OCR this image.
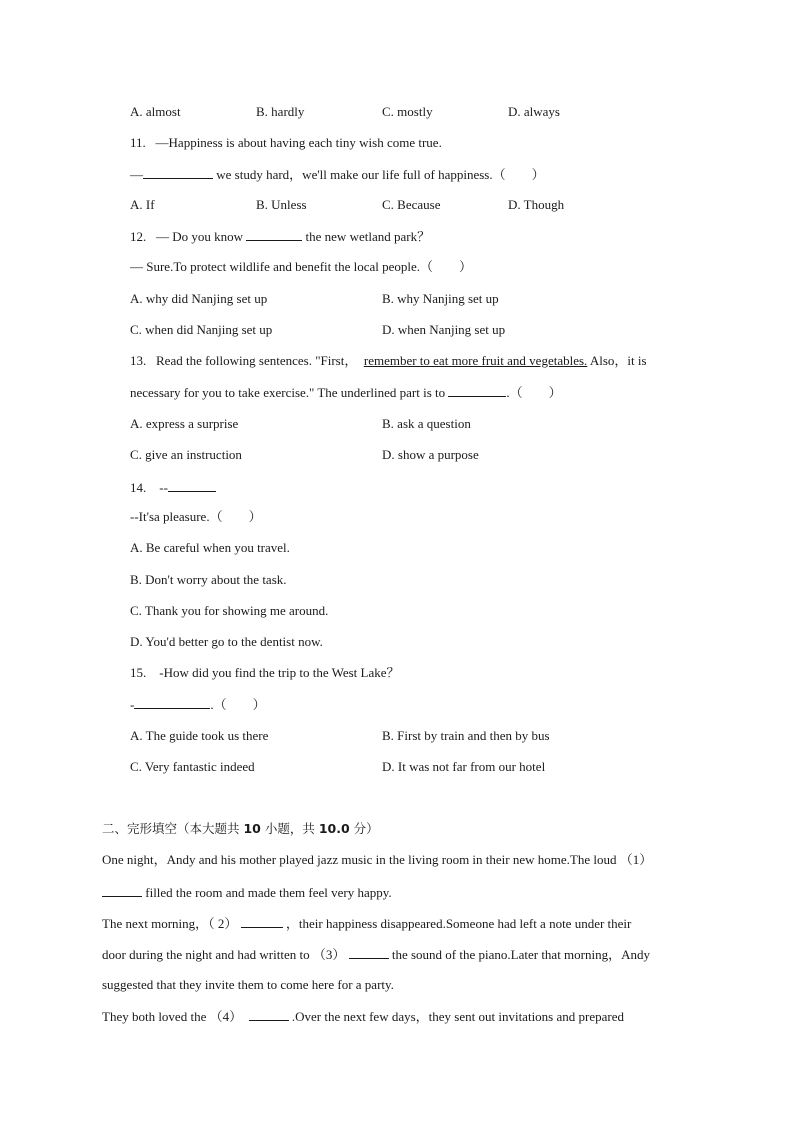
A. almost	B. hardly	C. mostly	D. always
11. —Happiness is about having each tiny wish come true.
—	we study hard，we'll make our life full of happiness.（　　）
A. If	B. Unless	C. Because	D. Though
12. — Do you know	the new wetland park？
— Sure.To protect wildlife and benefit the local people.（　　）
A. why did Nanjing set up	B. why Nanjing set up
C. when did Nanjing set up	D. when Nanjing set up
13. Read the following sentences. "First， remember to eat more fruit and vegetables. Also，it is
necessary for you to take exercise." The underlined part is to	.（　　）
A. express a surprise	B. ask a question
C. give an instruction	D. show a purpose
14. --
--It'sa pleasure.（　　）
A. Be careful when you travel.
B. Don't worry about the task.
C. Thank you for showing me around.
D. You'd better go to the dentist now.
15. -How did you find the trip to the West Lake？
-	.（　　）
A. The guide took us there	B. First by train and then by bus
C. Very fantastic indeed	D. It was not far from our hotel
二、完形填空（本大题共 10 小题，共 10.0 分）
One night，Andy and his mother played jazz music in the living room in their new home.The loud （1）
filled the room and made them feel very happy.
The next morning，（ 2）	，their happiness disappeared.Someone had left a note under their
door during the night and had written to （3）	the sound of the piano.Later that morning，Andy
suggested that they invite them to come here for a party.
They both loved the （4）	.Over the next few days，they sent out invitations and prepared
